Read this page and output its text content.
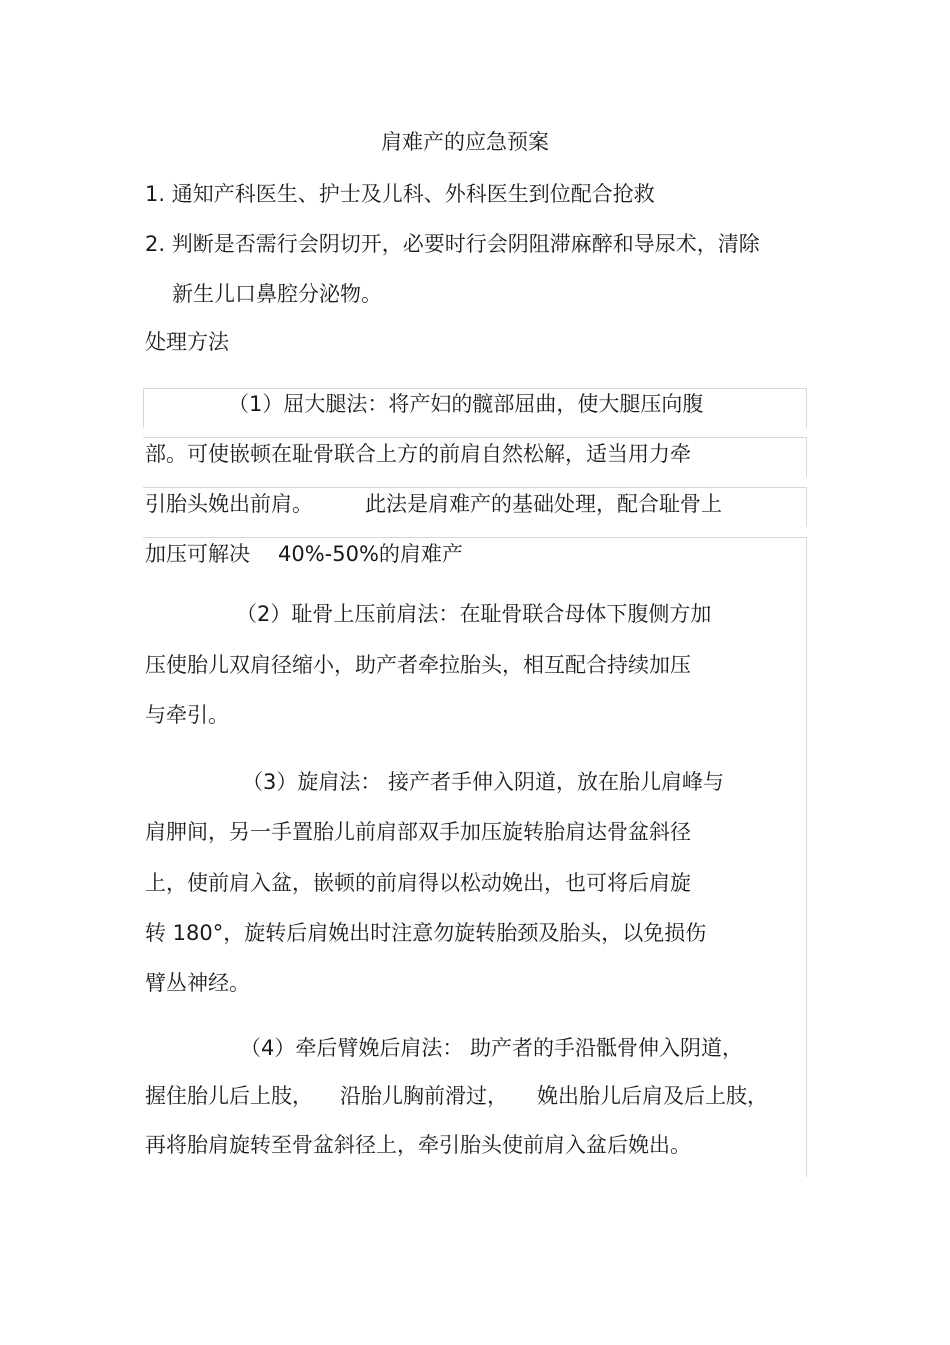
肩难产的应急预案

1. 通知产科医生、护士及儿科、外科医生到位配合抢救

2. 判断是否需行会阴切开，必要时行会阴阻滞麻醉和导尿术，清除

新生儿口鼻腔分泌物。

处理方法

（1）屈大腿法：将产妇的髋部屈曲，使大腿压向腹

部。可使嵌顿在耻骨联合上方的前肩自然松解，适当用力牵

引胎头娩出前肩。 此法是肩难产的基础处理，配合耻骨上

加压可解决 40%-50%的肩难产

（2）耻骨上压前肩法：在耻骨联合母体下腹侧方加

压使胎儿双肩径缩小，助产者牵拉胎头，相互配合持续加压

与牵引。

（3）旋肩法： 接产者手伸入阴道，放在胎儿肩峰与

肩胛间，另一手置胎儿前肩部双手加压旋转胎肩达骨盆斜径

上，使前肩入盆，嵌顿的前肩得以松动娩出，也可将后肩旋

转 180°，旋转后肩娩出时注意勿旋转胎颈及胎头，以免损伤

臂丛神经。

（4）牵后臂娩后肩法： 助产者的手沿骶骨伸入阴道，

握住胎儿后上肢， 沿胎儿胸前滑过， 娩出胎儿后肩及后上肢，

再将胎肩旋转至骨盆斜径上，牵引胎头使前肩入盆后娩出。
